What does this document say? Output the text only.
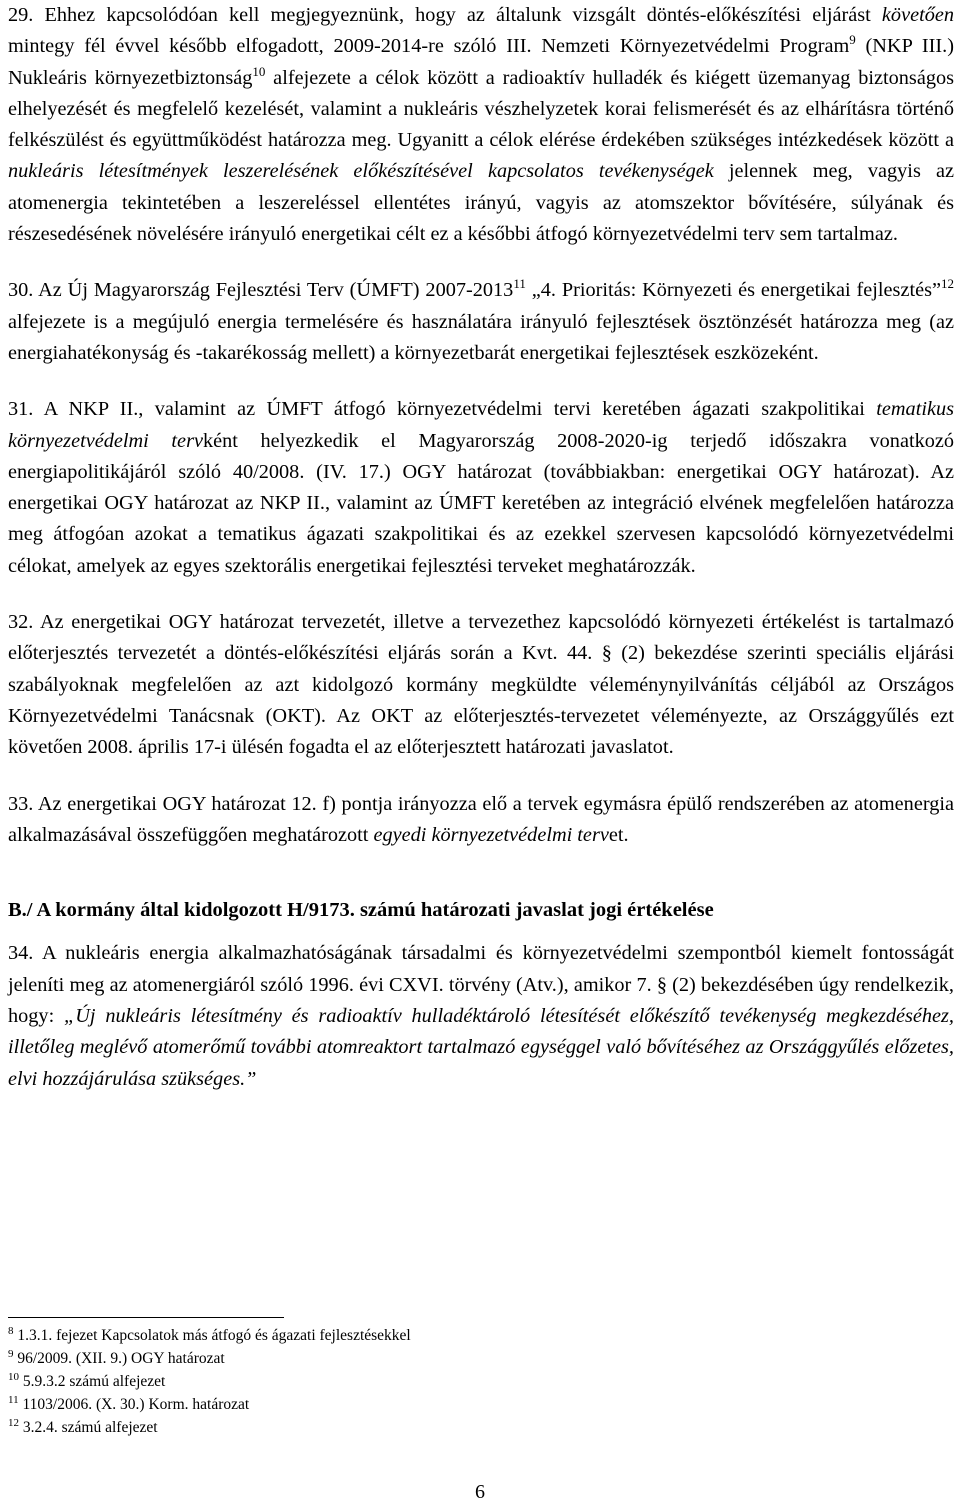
29. Ehhez kapcsolódóan kell megjegyeznünk, hogy az általunk vizsgált döntés-előkészítési eljárást követően mintegy fél évvel később elfogadott, 2009-2014-re szóló III. Nemzeti Környezetvédelmi Program$^9$ (NKP III.) Nukleáris környezetbiztonság$^{10}$ alfejezete a célok között a radioaktív hulladék és kiégett üzemanyag biztonságos elhelyezését és megfelelő kezelését, valamint a nukleáris vészhelyzetek korai felismerését és az elhárításra történő felkészülést és együttműködést határozza meg. Ugyanitt a célok elérése érdekében szükséges intézkedések között a nukleáris létesítmények leszerelésének előkészítésével kapcsolatos tevékenységek jelennek meg, vagyis az atomenergia tekintetében a leszereléssel ellentétes irányú, vagyis az atomszektor bővítésére, súlyának és részesedésének növelésére irányuló energetikai célt ez a későbbi átfogó környezetvédelmi terv sem tartalmaz.

30. Az Új Magyarország Fejlesztési Terv (ÚMFT) 2007-2013$^{11}$ „4. Prioritás: Környezeti és energetikai fejlesztés”$^{12}$ alfejezete is a megújuló energia termelésére és használatára irányuló fejlesztések ösztönzését határozza meg (az energiahatékonyság és -takarékosság mellett) a környezetbarát energetikai fejlesztések eszközeként.

31. A NKP II., valamint az ÚMFT átfogó környezetvédelmi tervi keretében ágazati szakpolitikai tematikus környezetvédelmi tervként helyezkedik el Magyarország 2008-2020-ig terjedő időszakra vonatkozó energiapolitikájáról szóló 40/2008. (IV. 17.) OGY határozat (továbbiakban: energetikai OGY határozat). Az energetikai OGY határozat az NKP II., valamint az ÚMFT keretében az integráció elvének megfelelően határozza meg átfogóan azokat a tematikus ágazati szakpolitikai és az ezekkel szervesen kapcsolódó környezetvédelmi célokat, amelyek az egyes szektorális energetikai fejlesztési terveket meghatározzák.

32. Az energetikai OGY határozat tervezetét, illetve a tervezethez kapcsolódó környezeti értékelést is tartalmazó előterjesztés tervezetét a döntés-előkészítési eljárás során a Kvt. 44. § (2) bekezdése szerinti speciális eljárási szabályoknak megfelelően az azt kidolgozó kormány megküldte véleménynyilvánítás céljából az Országos Környezetvédelmi Tanácsnak (OKT). Az OKT az előterjesztés-tervezetet véleményezte, az Országgyűlés ezt követően 2008. április 17-i ülésén fogadta el az előterjesztett határozati javaslatot.

33. Az energetikai OGY határozat 12. f) pontja irányozza elő a tervek egymásra épülő rendszerében az atomenergia alkalmazásával összefüggően meghatározott egyedi környezetvédelmi tervet.

B./ A kormány által kidolgozott H/9173. számú határozati javaslat jogi értékelése

34. A nukleáris energia alkalmazhatóságának társadalmi és környezetvédelmi szempontból kiemelt fontosságát jeleníti meg az atomenergiáról szóló 1996. évi CXVI. törvény (Atv.), amikor 7. § (2) bekezdésében úgy rendelkezik, hogy: „Új nukleáris létesítmény és radioaktív hulladéktároló létesítését előkészítő tevékenység megkezdéséhez, illetőleg meglévő atomerőmű további atomreaktort tartalmazó egységgel való bővítéséhez az Országgyűlés előzetes, elvi hozzájárulása szükséges.”

$^8$ 1.3.1. fejezet Kapcsolatok más átfogó és ágazati fejlesztésekkel
$^9$ 96/2009. (XII. 9.) OGY határozat
$^{10}$ 5.9.3.2 számú alfejezet
$^{11}$ 1103/2006. (X. 30.) Korm. határozat
$^{12}$ 3.2.4. számú alfejezet
6
